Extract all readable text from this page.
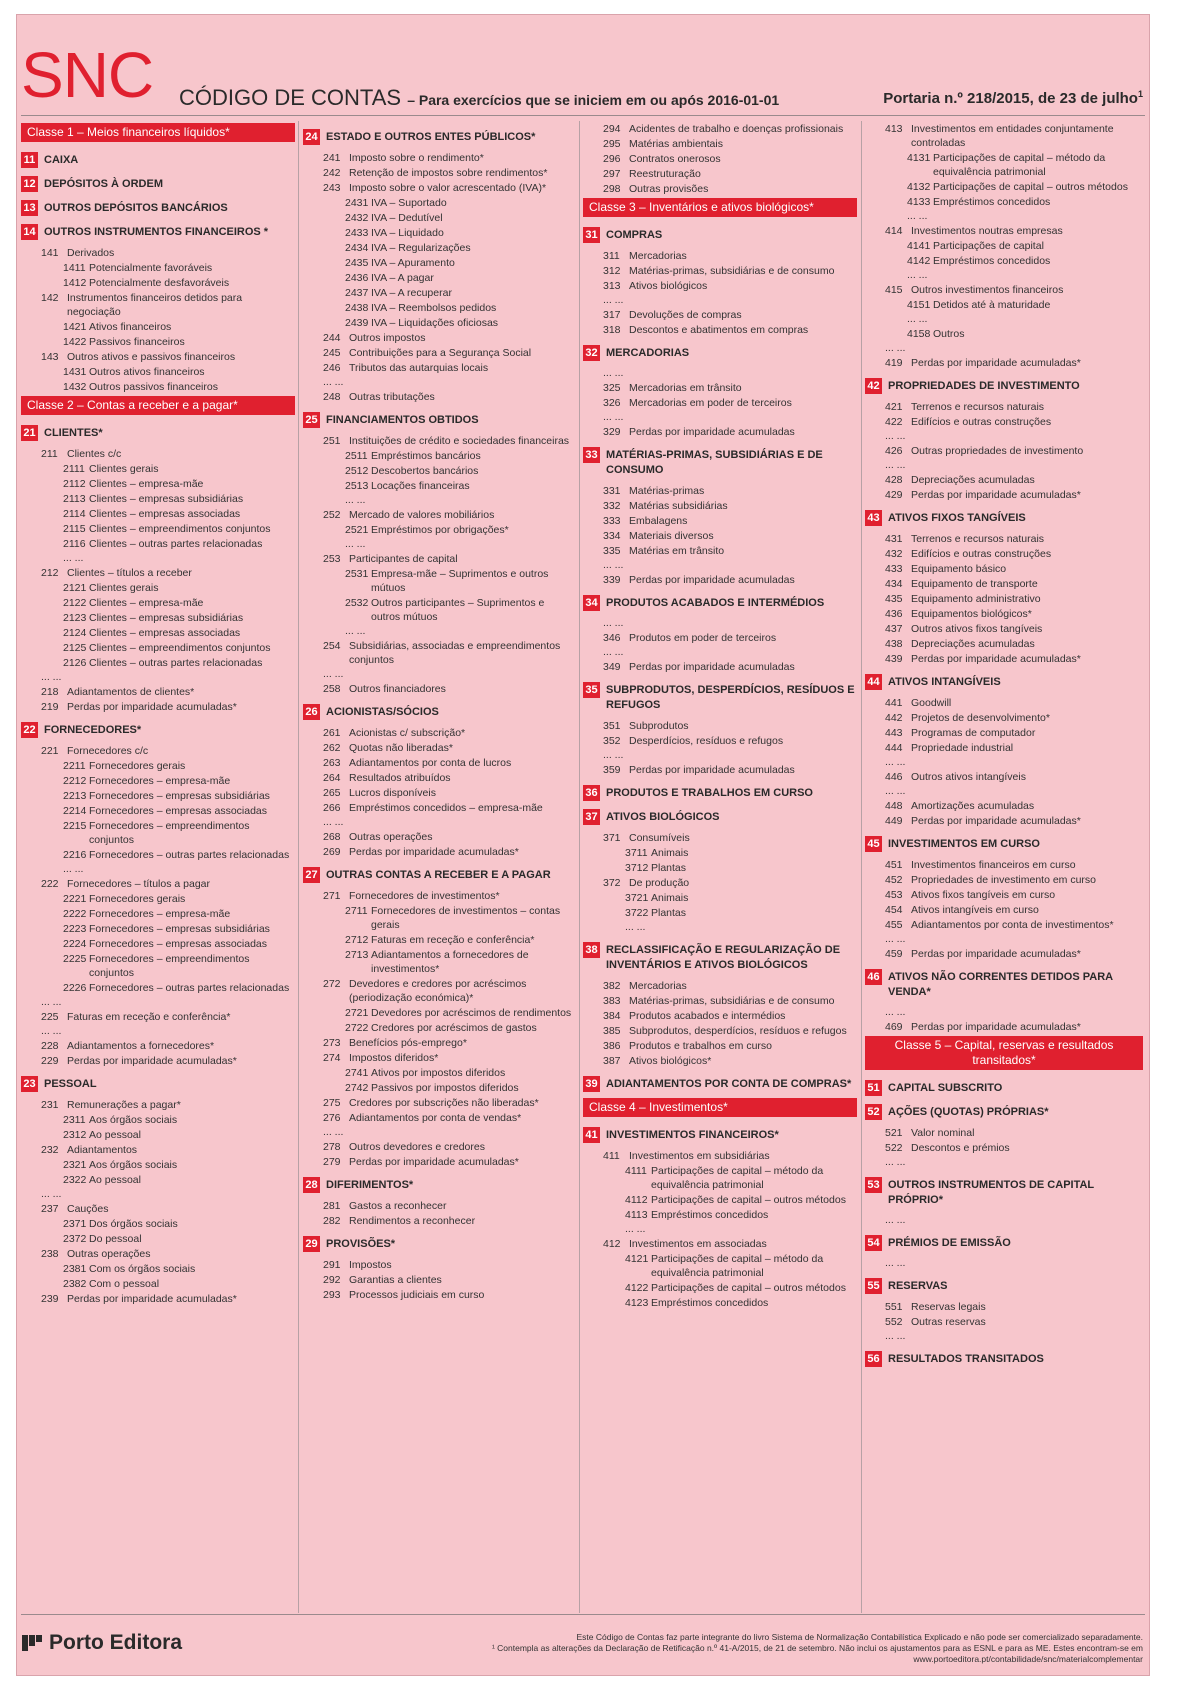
SNC CÓDIGO DE CONTAS – Para exercícios que se iniciem em ou após 2016-01-01	Portaria n.º 218/2015, de 23 de julho$^1$
Classe 1 – Meios financeiros líquidos*
11 CAIXA
12 DEPÓSITOS À ORDEM
13 OUTROS DEPÓSITOS BANCÁRIOS
14 OUTROS INSTRUMENTOS FINANCEIROS *
141 Derivados
1411 Potencialmente favoráveis
1412 Potencialmente desfavoráveis
142 Instrumentos financeiros detidos para negociação
1421 Ativos financeiros
1422 Passivos financeiros
143 Outros ativos e passivos financeiros
1431 Outros ativos financeiros
1432 Outros passivos financeiros
Classe 2 – Contas a receber e a pagar*
21 CLIENTES*
211 Clientes c/c
2111 Clientes gerais
2112 Clientes – empresa-mãe
2113 Clientes – empresas subsidiárias
2114 Clientes – empresas associadas
2115 Clientes – empreendimentos conjuntos
2116 Clientes – outras partes relacionadas
... ...
212 Clientes – títulos a receber
2121 Clientes gerais
2122 Clientes – empresa-mãe
2123 Clientes – empresas subsidiárias
2124 Clientes – empresas associadas
2125 Clientes – empreendimentos conjuntos
2126 Clientes – outras partes relacionadas
... ...
218 Adiantamentos de clientes*
219 Perdas por imparidade acumuladas*
22 FORNECEDORES*
221 Fornecedores c/c
2211 Fornecedores gerais
2212 Fornecedores – empresa-mãe
2213 Fornecedores – empresas subsidiárias
2214 Fornecedores – empresas associadas
2215 Fornecedores – empreendimentos conjuntos
2216 Fornecedores – outras partes relacionadas
... ...
222 Fornecedores – títulos a pagar
2221 Fornecedores gerais
2222 Fornecedores – empresa-mãe
2223 Fornecedores – empresas subsidiárias
2224 Fornecedores – empresas associadas
2225 Fornecedores – empreendimentos conjuntos
2226 Fornecedores – outras partes relacionadas
... ...
225 Faturas em receção e conferência*
... ...
228 Adiantamentos a fornecedores*
229 Perdas por imparidade acumuladas*
23 PESSOAL
231 Remunerações a pagar*
2311 Aos órgãos sociais
2312 Ao pessoal
232 Adiantamentos
2321 Aos órgãos sociais
2322 Ao pessoal
... ...
237 Cauções
2371 Dos órgãos sociais
2372 Do pessoal
238 Outras operações
2381 Com os órgãos sociais
2382 Com o pessoal
239 Perdas por imparidade acumuladas*
24 ESTADO E OUTROS ENTES PÚBLICOS*
241 Imposto sobre o rendimento*
242 Retenção de impostos sobre rendimentos*
243 Imposto sobre o valor acrescentado (IVA)*
2431 IVA – Suportado
2432 IVA – Dedutível
2433 IVA – Liquidado
2434 IVA – Regularizações
2435 IVA – Apuramento
2436 IVA – A pagar
2437 IVA – A recuperar
2438 IVA – Reembolsos pedidos
2439 IVA – Liquidações oficiosas
244 Outros impostos
245 Contribuições para a Segurança Social
246 Tributos das autarquias locais
... ...
248 Outras tributações
25 FINANCIAMENTOS OBTIDOS
251 Instituições de crédito e sociedades financeiras
2511 Empréstimos bancários
2512 Descobertos bancários
2513 Locações financeiras
... ...
252 Mercado de valores mobiliários
2521 Empréstimos por obrigações*
... ...
253 Participantes de capital
2531 Empresa-mãe – Suprimentos e outros mútuos
2532 Outros participantes – Suprimentos e outros mútuos
... ...
254 Subsidiárias, associadas e empreendimentos conjuntos
... ...
258 Outros financiadores
26 ACIONISTAS/SÓCIOS
261 Acionistas c/ subscrição*
262 Quotas não liberadas*
263 Adiantamentos por conta de lucros
264 Resultados atribuídos
265 Lucros disponíveis
266 Empréstimos concedidos – empresa-mãe
... ...
268 Outras operações
269 Perdas por imparidade acumuladas*
27 OUTRAS CONTAS A RECEBER E A PAGAR
271 Fornecedores de investimentos*
2711 Fornecedores de investimentos – contas gerais
2712 Faturas em receção e conferência*
2713 Adiantamentos a fornecedores de investimentos*
272 Devedores e credores por acréscimos (periodização económica)*
2721 Devedores por acréscimos de rendimentos
2722 Credores por acréscimos de gastos
273 Benefícios pós-emprego*
274 Impostos diferidos*
2741 Ativos por impostos diferidos
2742 Passivos por impostos diferidos
275 Credores por subscrições não liberadas*
276 Adiantamentos por conta de vendas*
... ...
278 Outros devedores e credores
279 Perdas por imparidade acumuladas*
28 DIFERIMENTOS*
281 Gastos a reconhecer
282 Rendimentos a reconhecer
29 PROVISÕES*
291 Impostos
292 Garantias a clientes
293 Processos judiciais em curso
294 Acidentes de trabalho e doenças profissionais
295 Matérias ambientais
296 Contratos onerosos
297 Reestruturação
298 Outras provisões
Classe 3 – Inventários e ativos biológicos*
31 COMPRAS
311 Mercadorias
312 Matérias-primas, subsidiárias e de consumo
313 Ativos biológicos
... ...
317 Devoluções de compras
318 Descontos e abatimentos em compras
32 MERCADORIAS
... ...
325 Mercadorias em trânsito
326 Mercadorias em poder de terceiros
... ...
329 Perdas por imparidade acumuladas
33 MATÉRIAS-PRIMAS, SUBSIDIÁRIAS E DE CONSUMO
331 Matérias-primas
332 Matérias subsidiárias
333 Embalagens
334 Materiais diversos
335 Matérias em trânsito
... ...
339 Perdas por imparidade acumuladas
34 PRODUTOS ACABADOS E INTERMÉDIOS
... ...
346 Produtos em poder de terceiros
... ...
349 Perdas por imparidade acumuladas
35 SUBPRODUTOS, DESPERDÍCIOS, RESÍDUOS E REFUGOS
351 Subprodutos
352 Desperdícios, resíduos e refugos
... ...
359 Perdas por imparidade acumuladas
36 PRODUTOS E TRABALHOS EM CURSO
37 ATIVOS BIOLÓGICOS
371 Consumíveis
3711 Animais
3712 Plantas
372 De produção
3721 Animais
3722 Plantas
... ...
38 RECLASSIFICAÇÃO E REGULARIZAÇÃO DE INVENTÁRIOS E ATIVOS BIOLÓGICOS
382 Mercadorias
383 Matérias-primas, subsidiárias e de consumo
384 Produtos acabados e intermédios
385 Subprodutos, desperdícios, resíduos e refugos
386 Produtos e trabalhos em curso
387 Ativos biológicos*
39 ADIANTAMENTOS POR CONTA DE COMPRAS*
Classe 4 – Investimentos*
41 INVESTIMENTOS FINANCEIROS*
411 Investimentos em subsidiárias
4111 Participações de capital – método da equivalência patrimonial
4112 Participações de capital – outros métodos
4113 Empréstimos concedidos
... ...
412 Investimentos em associadas
4121 Participações de capital – método da equivalência patrimonial
4122 Participações de capital – outros métodos
4123 Empréstimos concedidos
413 Investimentos em entidades conjuntamente controladas
4131 Participações de capital – método da equivalência patrimonial
4132 Participações de capital – outros métodos
4133 Empréstimos concedidos
... ...
414 Investimentos noutras empresas
4141 Participações de capital
4142 Empréstimos concedidos
... ...
415 Outros investimentos financeiros
4151 Detidos até à maturidade
... ...
4158 Outros
... ...
419 Perdas por imparidade acumuladas*
42 PROPRIEDADES DE INVESTIMENTO
421 Terrenos e recursos naturais
422 Edifícios e outras construções
... ...
426 Outras propriedades de investimento
... ...
428 Depreciações acumuladas
429 Perdas por imparidade acumuladas*
43 ATIVOS FIXOS TANGÍVEIS
431 Terrenos e recursos naturais
432 Edifícios e outras construções
433 Equipamento básico
434 Equipamento de transporte
435 Equipamento administrativo
436 Equipamentos biológicos*
437 Outros ativos fixos tangíveis
438 Depreciações acumuladas
439 Perdas por imparidade acumuladas*
44 ATIVOS INTANGÍVEIS
441 Goodwill
442 Projetos de desenvolvimento*
443 Programas de computador
444 Propriedade industrial
... ...
446 Outros ativos intangíveis
... ...
448 Amortizações acumuladas
449 Perdas por imparidade acumuladas*
45 INVESTIMENTOS EM CURSO
451 Investimentos financeiros em curso
452 Propriedades de investimento em curso
453 Ativos fixos tangíveis em curso
454 Ativos intangíveis em curso
455 Adiantamentos por conta de investimentos*
... ...
459 Perdas por imparidade acumuladas*
46 ATIVOS NÃO CORRENTES DETIDOS PARA VENDA*
... ...
469 Perdas por imparidade acumuladas*
Classe 5 – Capital, reservas e resultados transitados*
51 CAPITAL SUBSCRITO
52 AÇÕES (QUOTAS) PRÓPRIAS*
521 Valor nominal
522 Descontos e prémios
... ...
53 OUTROS INSTRUMENTOS DE CAPITAL PRÓPRIO*
... ...
54 PRÉMIOS DE EMISSÃO
... ...
55 RESERVAS
551 Reservas legais
552 Outras reservas
... ...
56 RESULTADOS TRANSITADOS
Porto Editora	Este Código de Contas faz parte integrante do livro Sistema de Normalização Contabilística Explicado e não pode ser comercializado separadamente.
¹ Contempla as alterações da Declaração de Retificação n.º 41-A/2015, de 21 de setembro. Não inclui os ajustamentos para as ESNL e para as ME. Estes encontram-se em www.portoeditora.pt/contabilidade/snc/materialcomplementar
